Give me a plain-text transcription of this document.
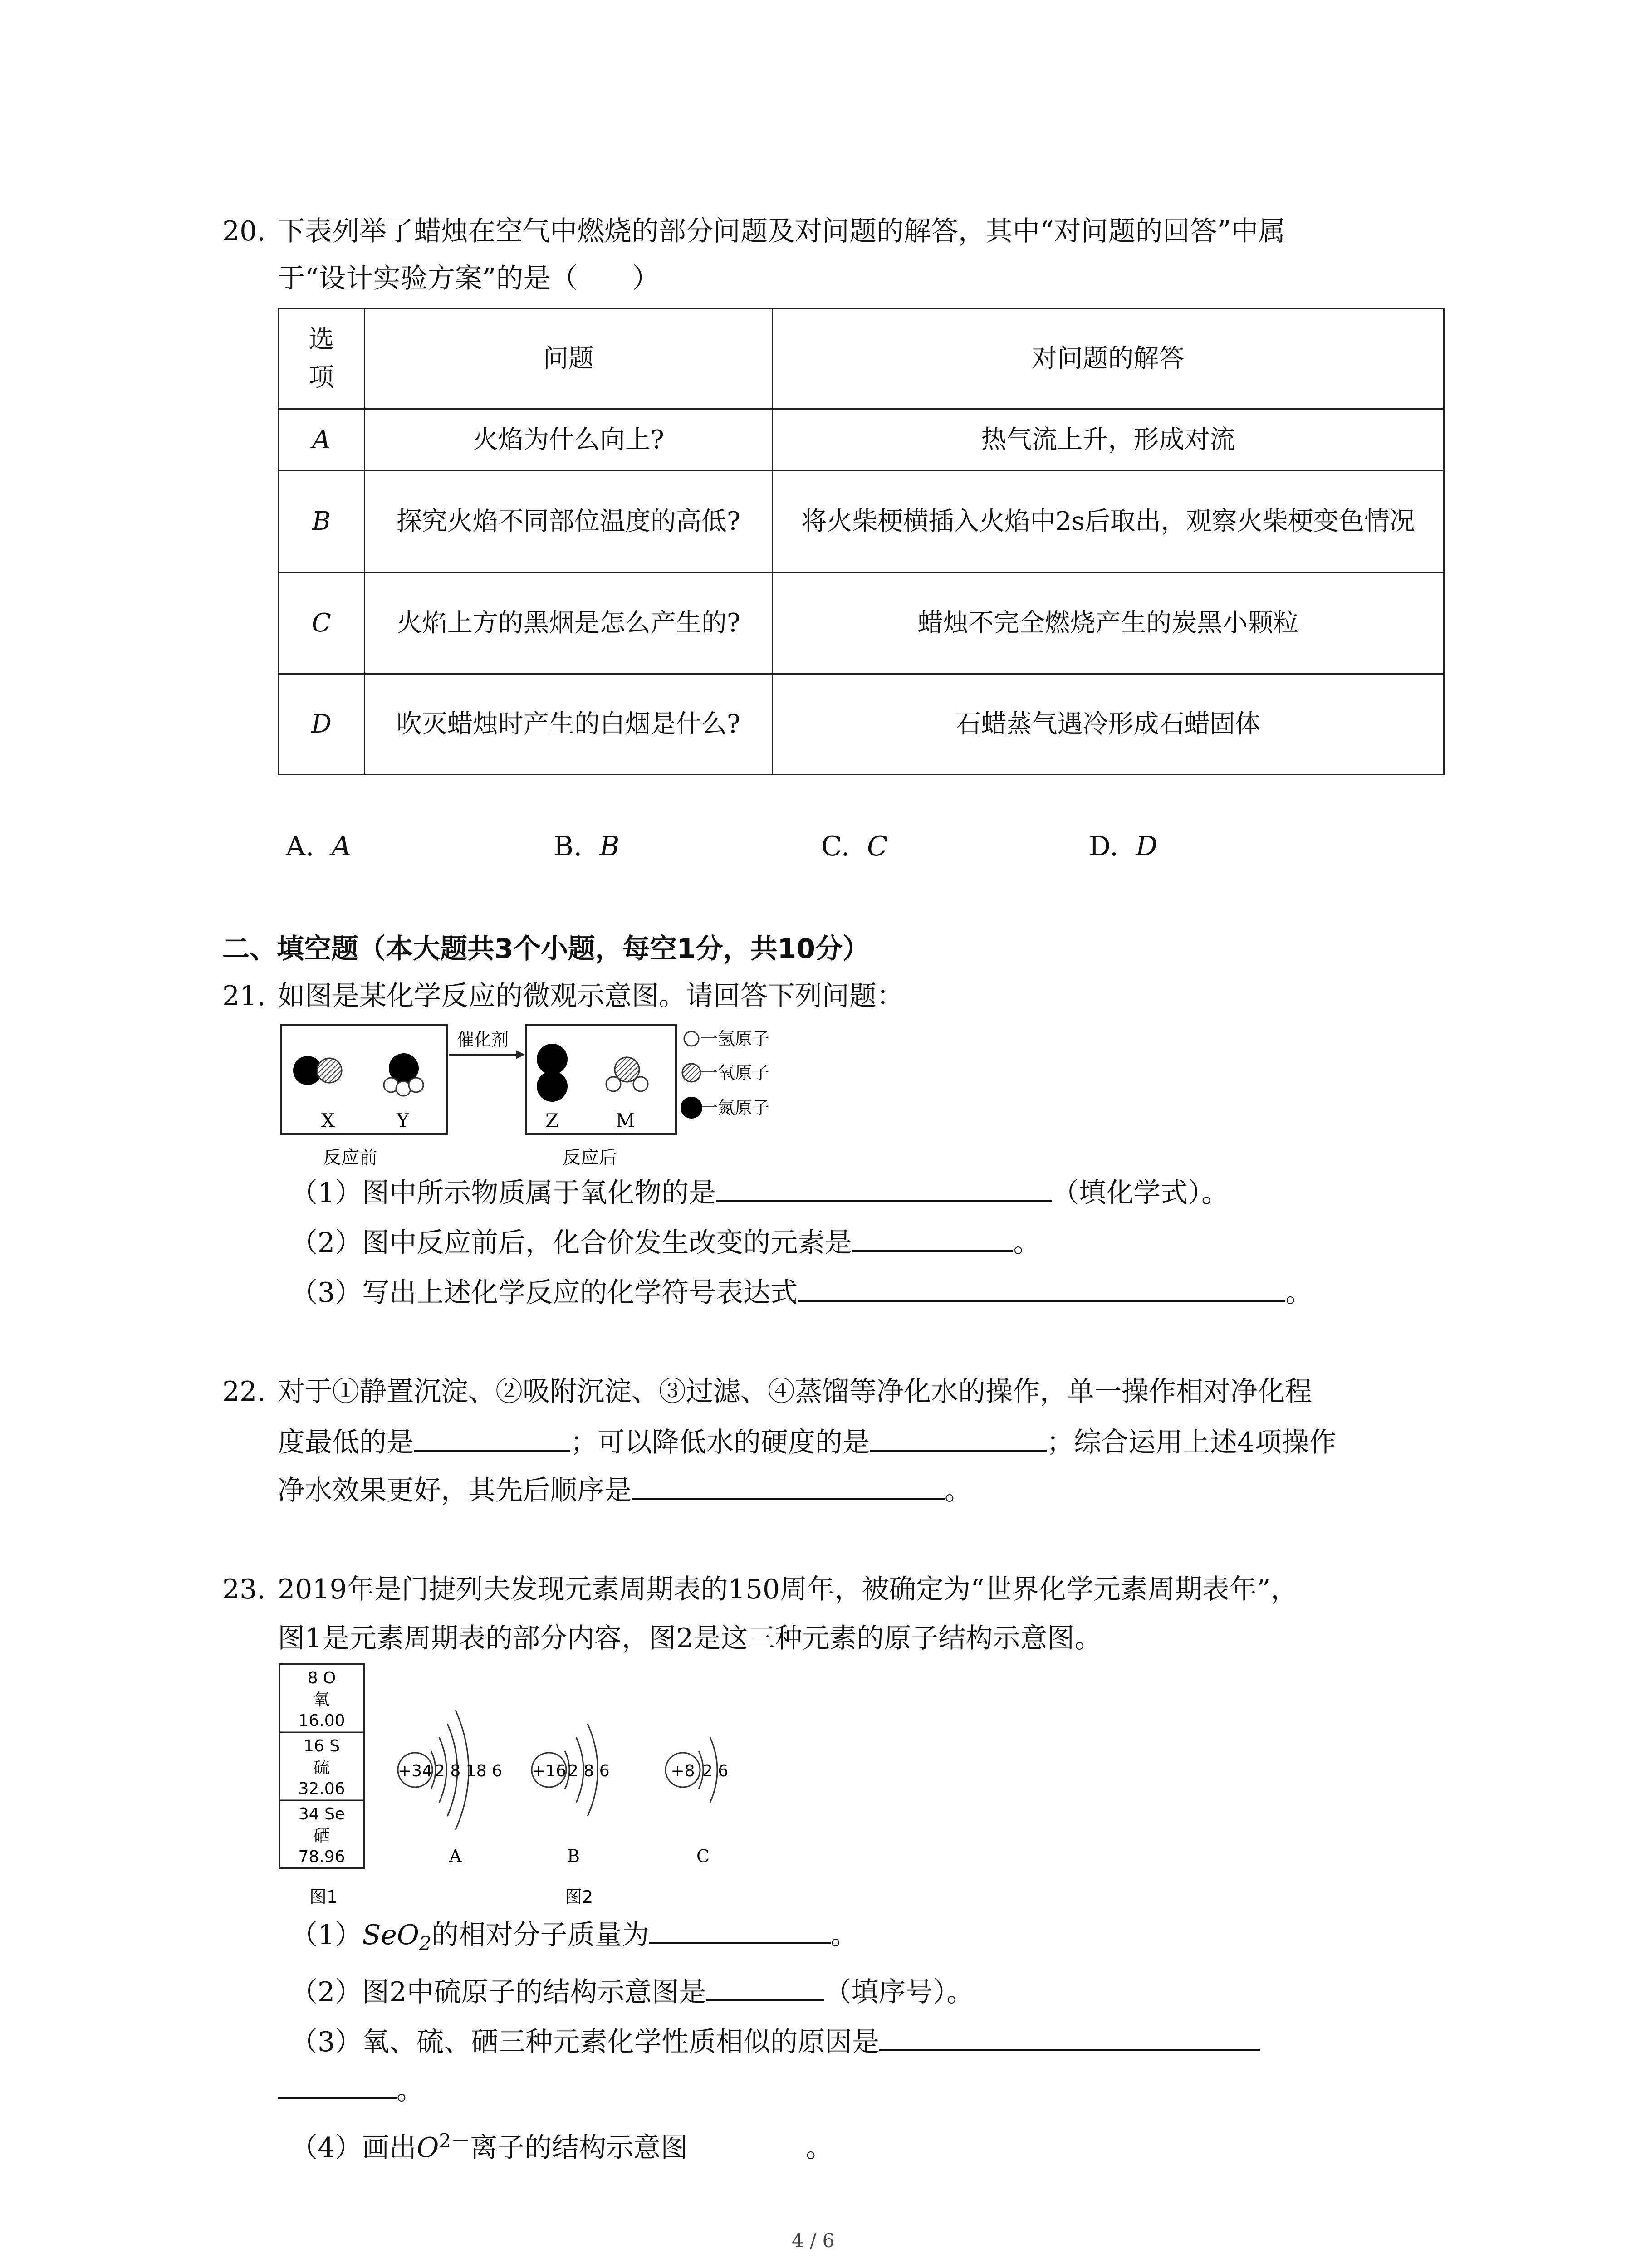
20. 下表列举了蜡烛在空气中燃烧的部分问题及对问题的解答，其中“对问题的回答”中属
于“设计实验方案”的是（　　）
选项	问题	对问题的解答
A	火焰为什么向上?	热气流上升，形成对流
B	探究火焰不同部位温度的高低?	将火柴梗横插入火焰中2s后取出，观察火柴梗变色情况
C	火焰上方的黑烟是怎么产生的?	蜡烛不完全燃烧产生的炭黑小颗粒
D	吹灭蜡烛时产生的白烟是什么?	石蜡蒸气遇冷形成石蜡固体
A. A	B. B	C. C	D. D
二、填空题（本大题共3个小题，每空1分，共10分）
21. 如图是某化学反应的微观示意图。请回答下列问题：
X	Y
反应前
催化剂
Z	M
反应后
一氢原子
一氧原子
一氮原子
（1）图中所示物质属于氧化物的是	（填化学式）。
（2）图中反应前后，化合价发生改变的元素是	。
（3）写出上述化学反应的化学符号表达式	。
22. 对于①静置沉淀、②吸附沉淀、③过滤、④蒸馏等净化水的操作，单一操作相对净化程
度最低的是	；可以降低水的硬度的是	；综合运用上述4项操作
净水效果更好，其先后顺序是	。
23. 2019年是门捷列夫发现元素周期表的150周年，被确定为“世界化学元素周期表年”，
图1是元素周期表的部分内容，图2是这三种元素的原子结构示意图。
8 O
氧
16.00
16 S
硫
32.06
34 Se
硒
78.96
图1
+34 2 8 18 6 +16 2 8 6	+8 2 6
A	B	C
图2
（1）SeO$_2$的相对分子质量为	。
（2）图2中硫原子的结构示意图是	（填序号）。
（3）氧、硫、硒三种元素化学性质相似的原因是
。
（4）画出$O^{2-}$离子的结构示意图	。
4 / 6
